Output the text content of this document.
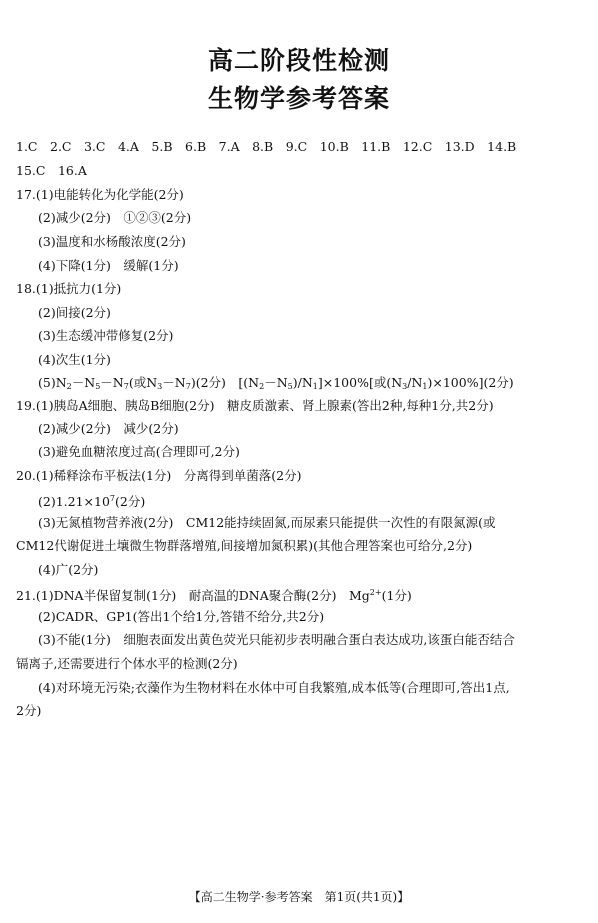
高二阶段性检测
生物学参考答案

1.C　2.C　3.C　4.A　5.B　6.B　7.A　8.B　9.C　10.B　11.B　12.C　13.D　14.B

15.C　16.A

17.(1)电能转化为化学能(2分)

(2)减少(2分)　①②③(2分)

(3)温度和水杨酸浓度(2分)

(4)下降(1分)　缓解(1分)

18.(1)抵抗力(1分)

(2)间接(2分)

(3)生态缓冲带修复(2分)

(4)次生(1分)

(5)N2－N5－N7(或N3－N7)(2分)　[(N2－N5)/N1]×100%[或(N3/N1)×100%](2分)

19.(1)胰岛A细胞、胰岛B细胞(2分)　糖皮质激素、肾上腺素(答出2种,每种1分,共2分)

(2)减少(2分)　减少(2分)

(3)避免血糖浓度过高(合理即可,2分)

20.(1)稀释涂布平板法(1分)　分离得到单菌落(2分)

$(2)1.21\times 10^7(2$分)

(3)无氮植物营养液(2分)　CM12能持续固氮,而尿素只能提供一次性的有限氮源(或

CM12代谢促进土壤微生物群落增殖,间接增加氮积累)(其他合理答案也可给分,2分)

(4)广(2分)

21.(1)DNA半保留复制(1分)　耐高温的DNA聚合酶(2分)　$Mg^{2+}(1$分)

(2)CADR、GP1(答出1个给1分,答错不给分,共2分)

(3)不能(1分)　细胞表面发出黄色荧光只能初步表明融合蛋白表达成功,该蛋白能否结合

镉离子,还需要进行个体水平的检测(2分)

(4)对环境无污染;衣藻作为生物材料在水体中可自我繁殖,成本低等(合理即可,答出1点,

2分)

【高二生物学·参考答案　第1页(共1页)】
